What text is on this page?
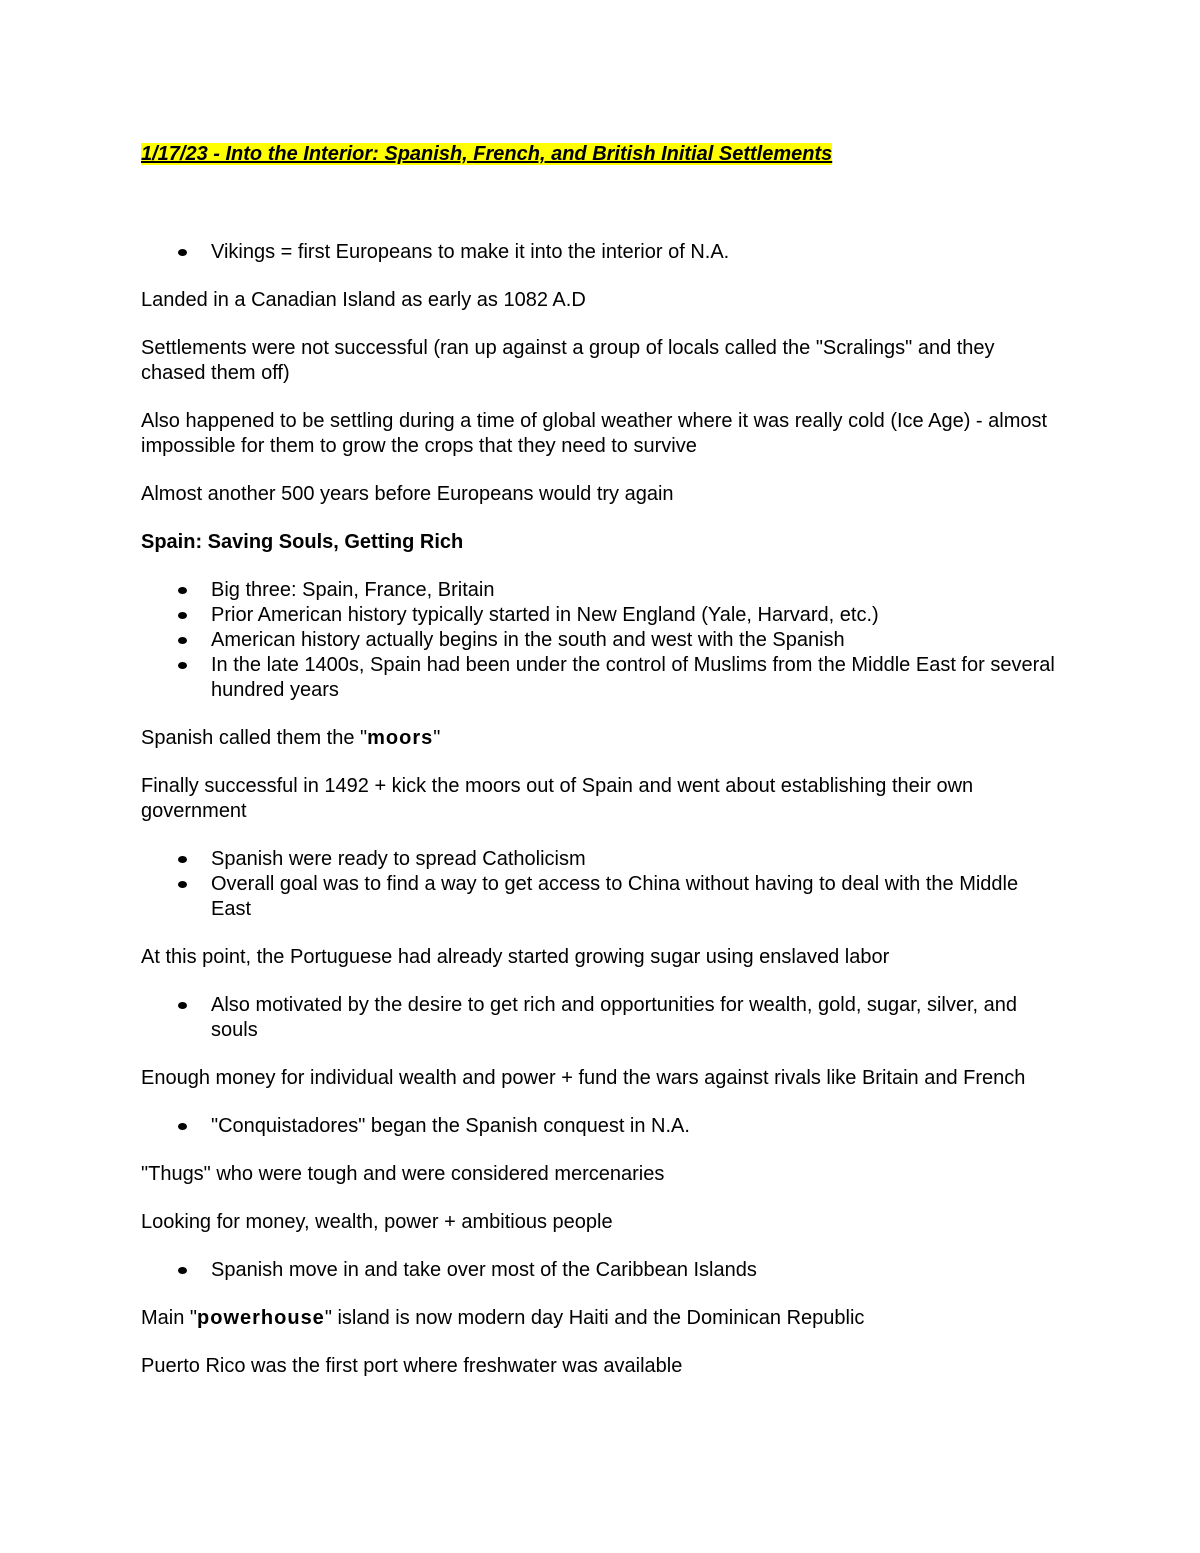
1/17/23 - Into the Interior: Spanish, French, and British Initial Settlements
Vikings = first Europeans to make it into the interior of N.A.

Landed in a Canadian Island as early as 1082 A.D

Settlements were not successful (ran up against a group of locals called the "Scralings" and they chased them off)

Also happened to be settling during a time of global weather where it was really cold (Ice Age) - almost impossible for them to grow the crops that they need to survive

Almost another 500 years before Europeans would try again

Spain: Saving Souls, Getting Rich
Big three: Spain, France, Britain
Prior American history typically started in New England (Yale, Harvard, etc.)
American history actually begins in the south and west with the Spanish
In the late 1400s, Spain had been under the control of Muslims from the Middle East for several hundred years

Spanish called them the "moors"

Finally successful in 1492 + kick the moors out of Spain and went about establishing their own government

Spanish were ready to spread Catholicism
Overall goal was to find a way to get access to China without having to deal with the Middle East

At this point, the Portuguese had already started growing sugar using enslaved labor

Also motivated by the desire to get rich and opportunities for wealth, gold, sugar, silver, and souls

Enough money for individual wealth and power + fund the wars against rivals like Britain and French

"Conquistadores" began the Spanish conquest in N.A.

"Thugs" who were tough and were considered mercenaries

Looking for money, wealth, power + ambitious people

Spanish move in and take over most of the Caribbean Islands

Main "powerhouse" island is now modern day Haiti and the Dominican Republic

Puerto Rico was the first port where freshwater was available
